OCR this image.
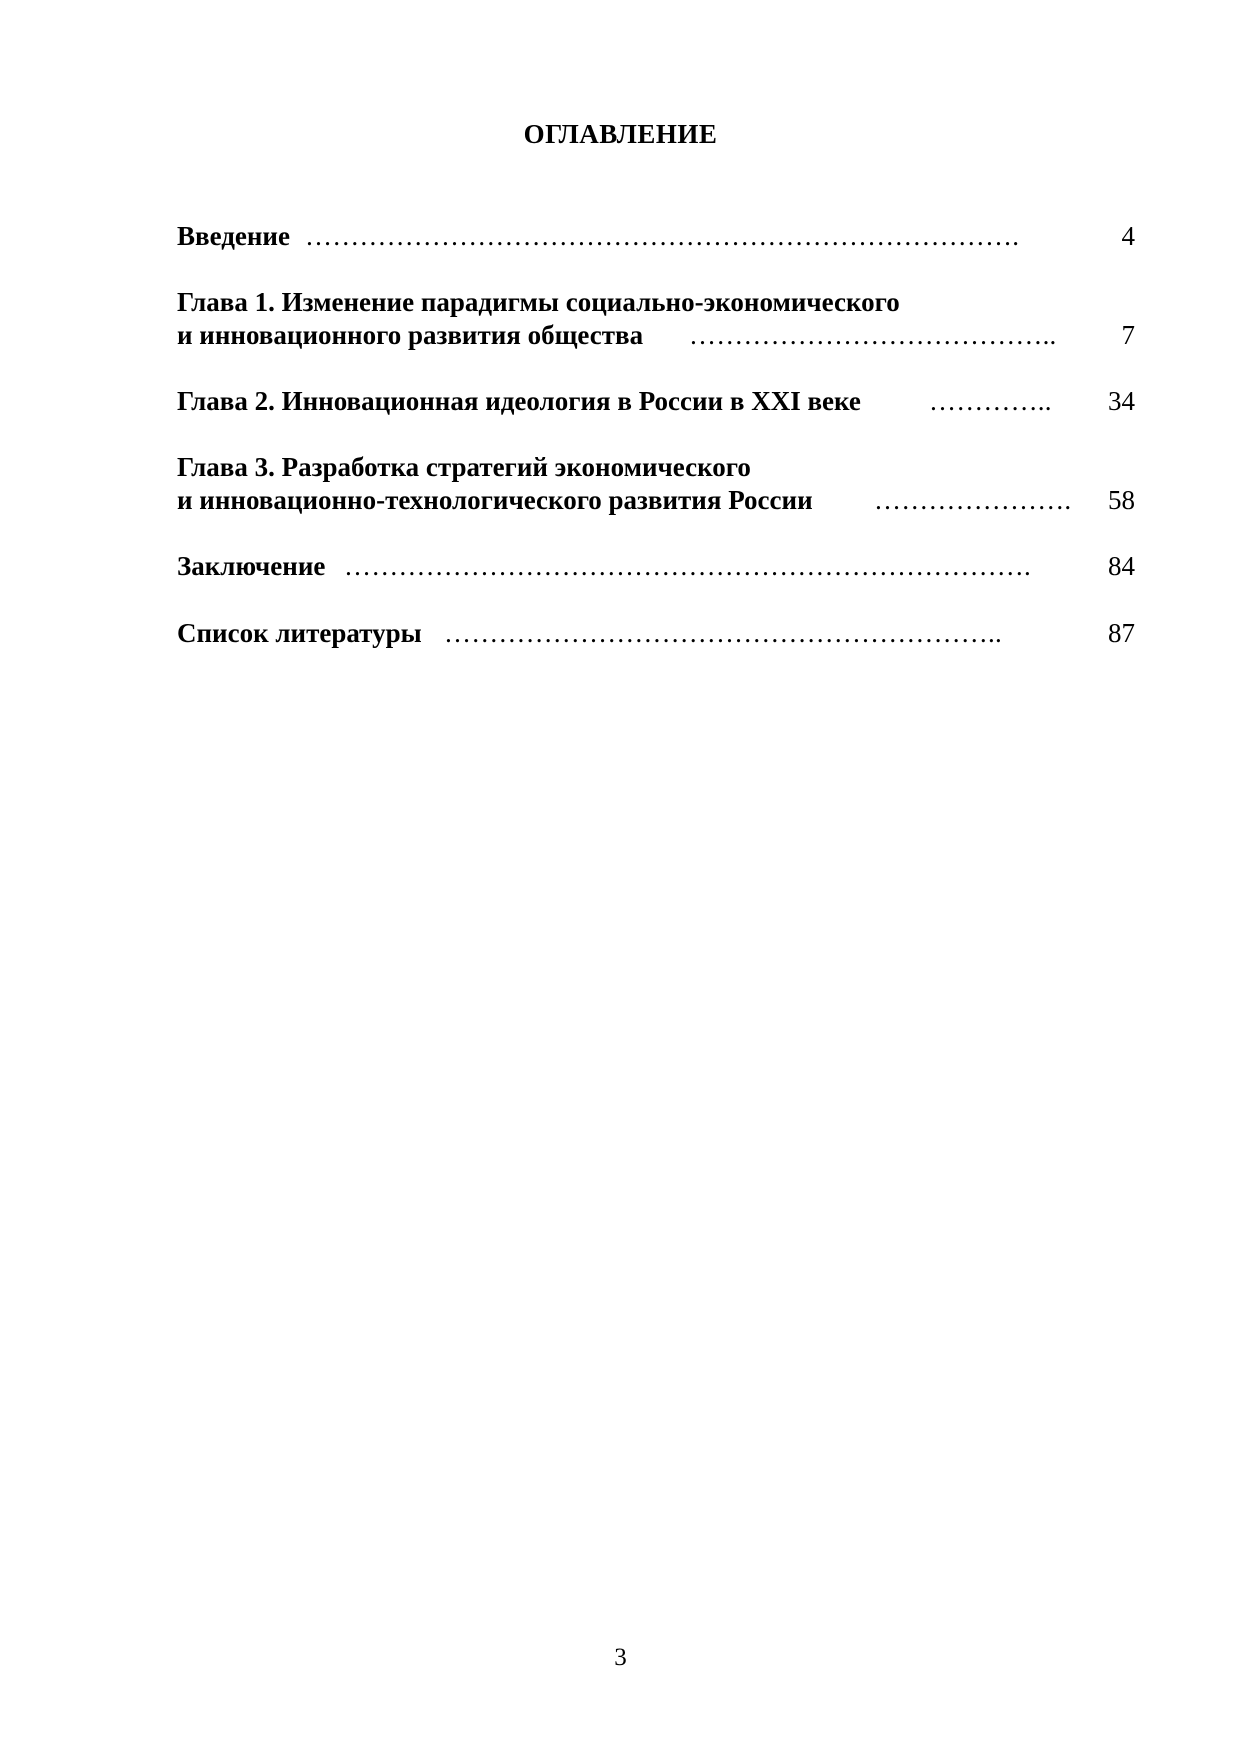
ОГЛАВЛЕНИЕ
Введение …………………………………………………………………….	4
Глава 1. Изменение парадигмы социально-экономического
и инновационного развития общества ………………………………….. 7
Глава 2. Инновационная идеология в России в XXI веке	………….. 34
Глава 3. Разработка стратегий экономического
и инновационно-технологического развития России …………………. 58
Заключение ………………………………………………………………….	84
Список литературы ……………………………………………………..	87
3
